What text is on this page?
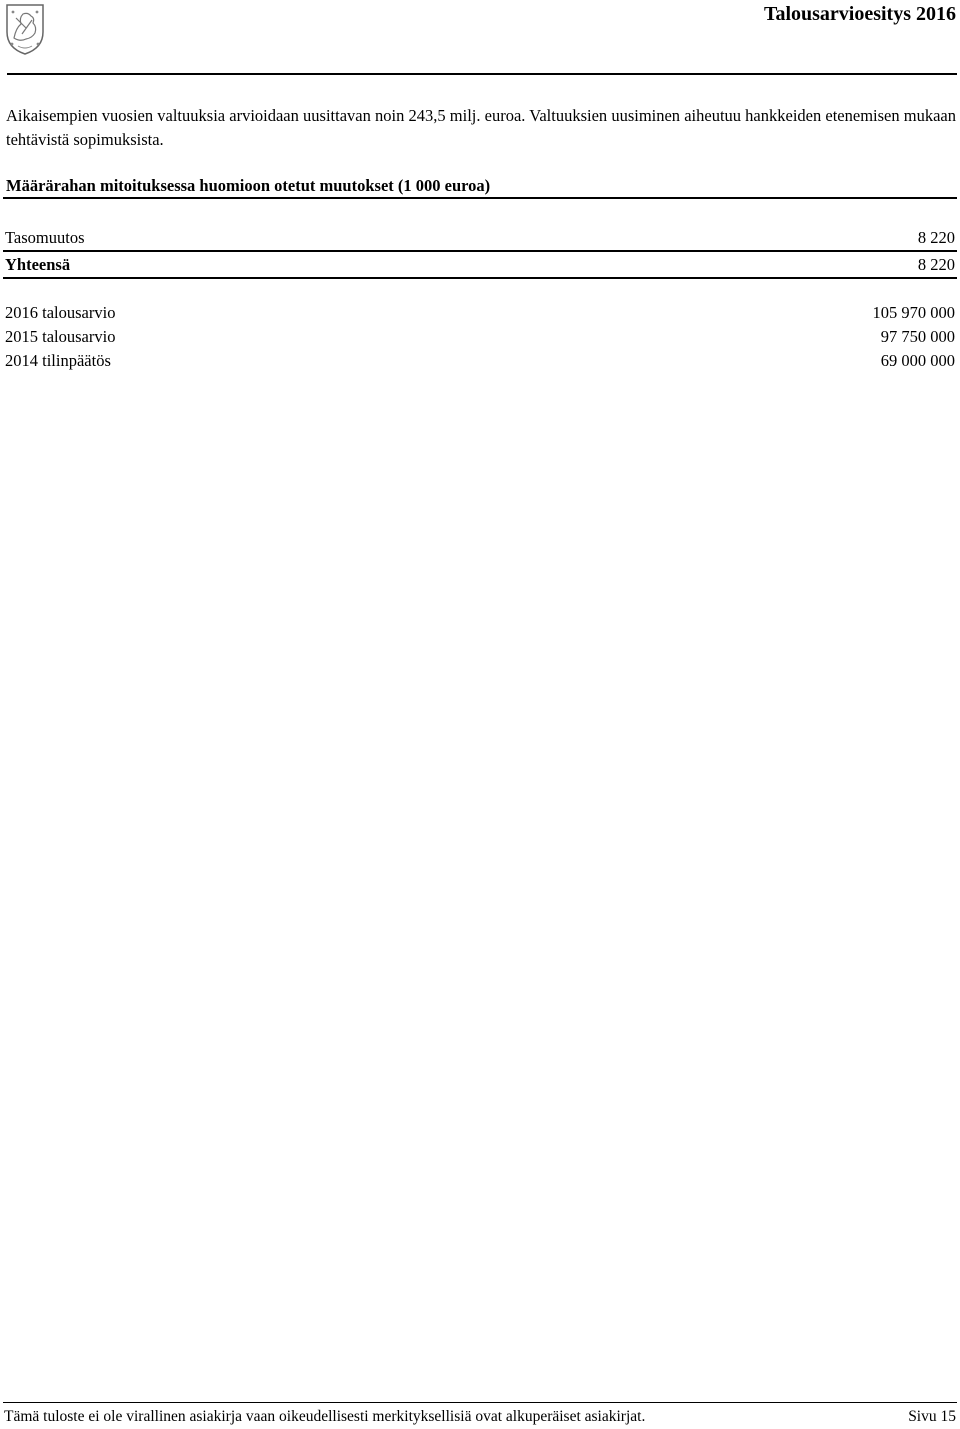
Talousarvioesitys 2016

Aikaisempien vuosien valtuuksia arvioidaan uusittavan noin 243,5 milj. euroa. Valtuuksien uusiminen aiheutuu hankkeiden etenemisen mukaan tehtävistä sopimuksista.

Määrärahan mitoituksessa huomioon otetut muutokset (1 000 euroa)
Tasomuutos	8 220
Yhteensä	8 220
2016 talousarvio	105 970 000
2015 talousarvio	97 750 000
2014 tilinpäätös	69 000 000
Tämä tuloste ei ole virallinen asiakirja vaan oikeudellisesti merkityksellisiä ovat alkuperäiset asiakirjat.	Sivu 15
